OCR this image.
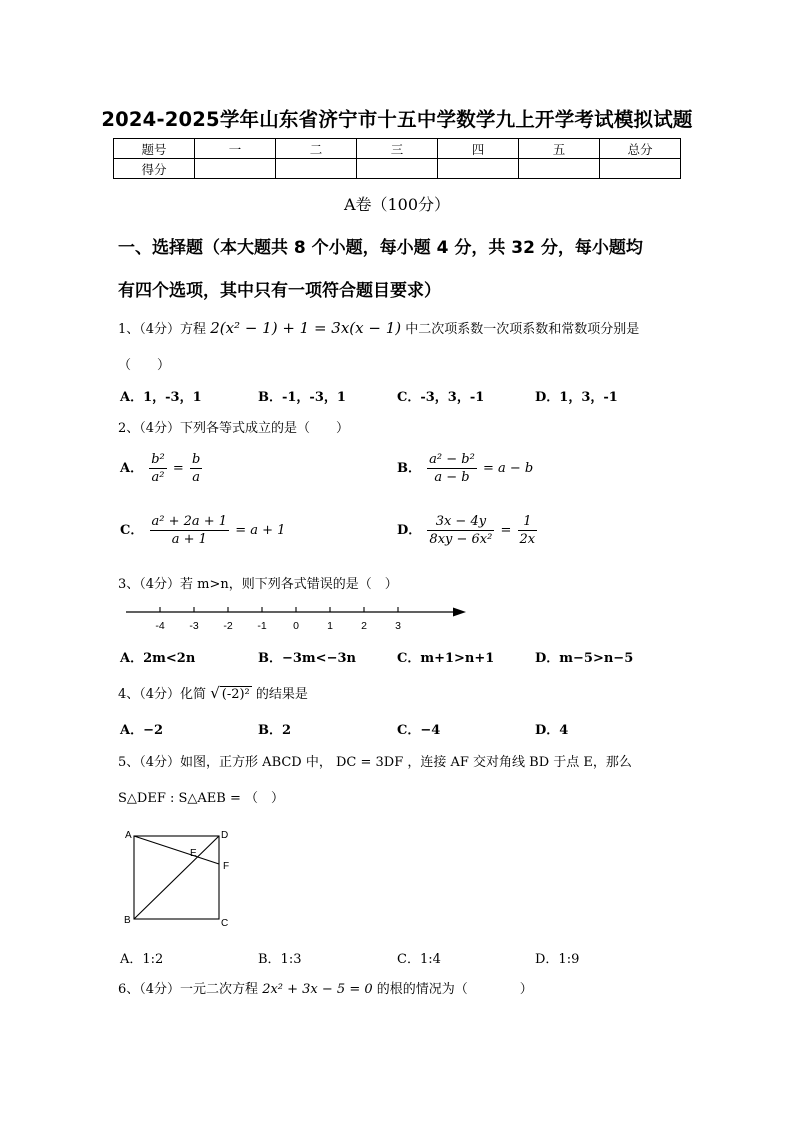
2024-2025学年山东省济宁市十五中学数学九上开学考试模拟试题
题号	一	二	三	四	五	总分
得分						
A卷（100分）
一、选择题（本大题共 8 个小题，每小题 4 分，共 32 分，每小题均
有四个选项，其中只有一项符合题目要求）
1、（4分）方程 2(x² − 1) + 1 = 3x(x − 1) 中二次项系数一次项系数和常数项分别是
（　　）
A．1，-3，1	B．-1，-3，1	C．-3，3，-1	D．1，3，-1
2、（4分）下列各等式成立的是（　　）
A． $\frac{\text{b²}}{\text{a²}} = \frac{b}{a}$	B． $\frac{\text{a² − b²}}{a - b} = a - b$
C． $\frac{\text{a² + 2a + 1}}{a + 1} = a + 1$	D． $\frac{3x - 4y}{\text{8xy − 6x²}} = \frac{1}{2x}$
3、（4分）若 m>n，则下列各式错误的是（　）
-4 -3 -2 -1	0	1	2	3
A．2m<2n	B．−3m<−3n	C．m+1>n+1	D．m−5>n−5
4、（4分）化简 √ (-2)² 的结果是
A．−2	B．2	C．−4	D．4
5、（4分）如图，正方形 ABCD 中， DC = 3DF ，连接 AF 交对角线 BD 于点 E，那么
S△DEF : S△AEB = （　）
A	D
E
F
B	C
A．1:2	B．1:3	C．1:4	D．1:9
6、（4分）一元二次方程 2x² + 3x − 5 = 0 的根的情况为（　　　　）
